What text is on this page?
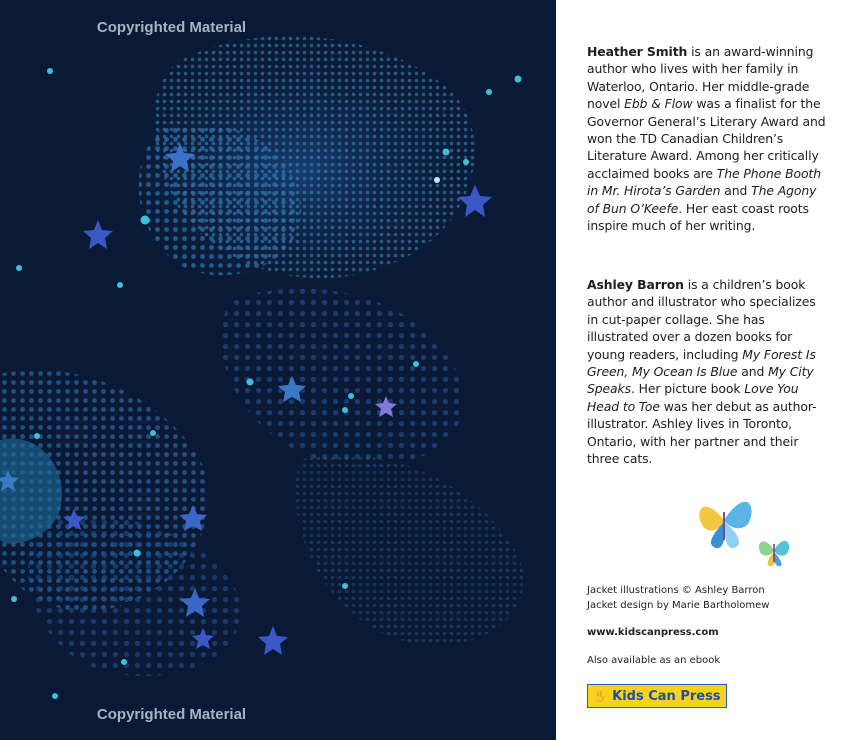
Copyrighted Material
Copyrighted Material

Heather Smith is an award-winning author who lives with her family in Waterloo, Ontario. Her middle-grade novel Ebb & Flow was a finalist for the Governor General’s Literary Award and won the TD Canadian Children’s Literature Award. Among her critically acclaimed books are The Phone Booth in Mr. Hirota’s Garden and The Agony of Bun O’Keefe. Her east coast roots inspire much of her writing.

Ashley Barron is a children’s book author and illustrator who specializes in cut-paper collage. She has illustrated over a dozen books for young readers, including My Forest Is Green, My Ocean Is Blue and My City Speaks. Her picture book Love You Head to Toe was her debut as author-illustrator. Ashley lives in Toronto, Ontario, with her partner and their three cats.

Jacket illustrations © Ashley Barron
Jacket design by Marie Bartholomew

www.kidscanpress.com

Also available as an ebook

✋ Kids Can Press
